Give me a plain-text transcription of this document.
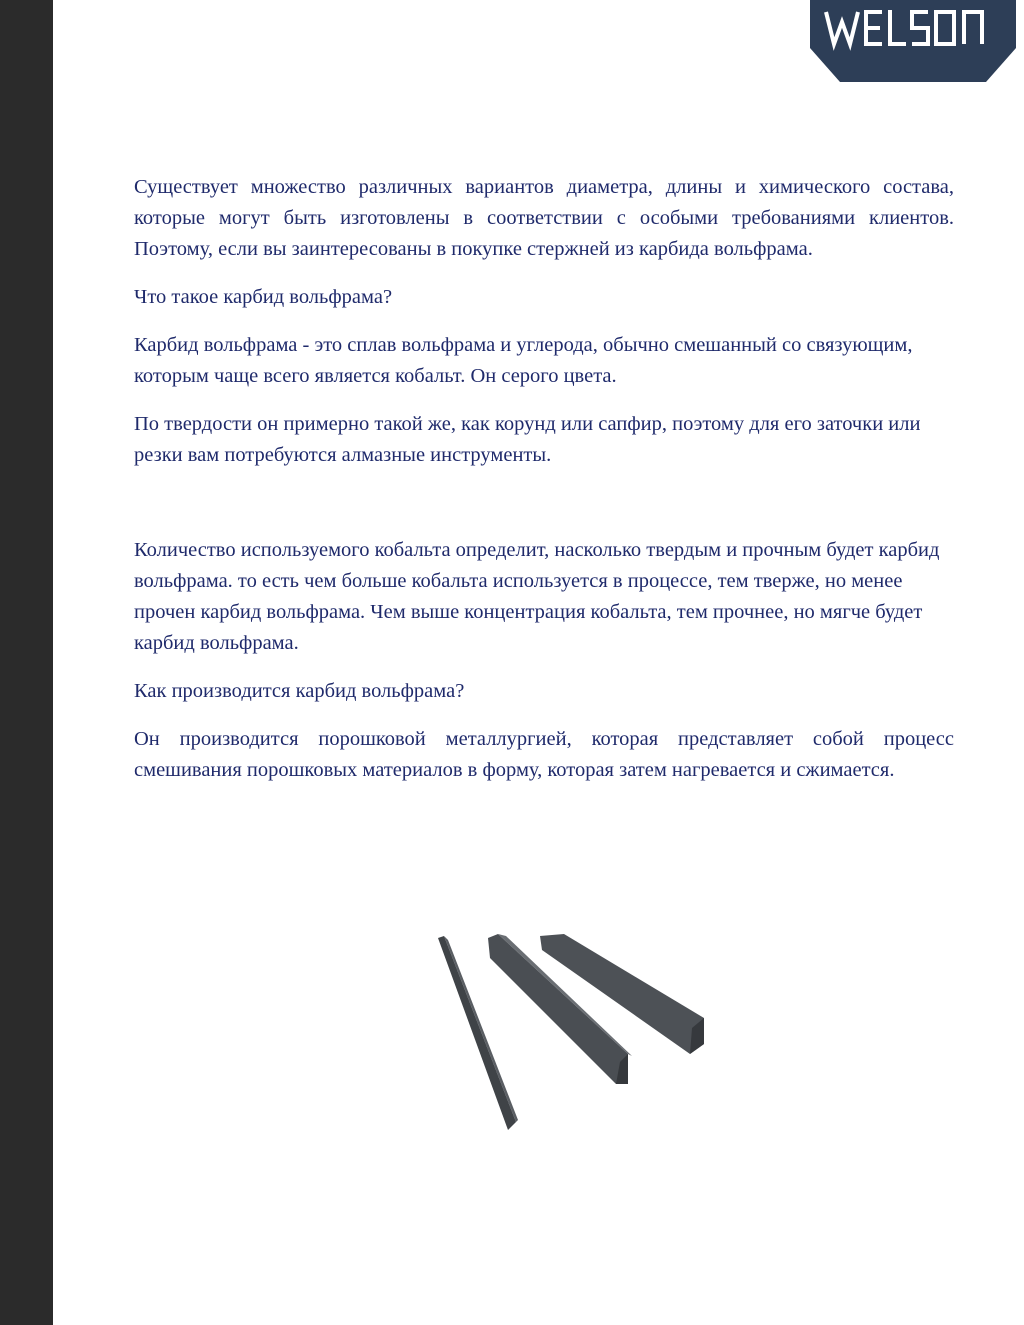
Существует множество различных вариантов диаметра, длины и химического состава, которые могут быть изготовлены в соответствии с особыми требованиями клиентов. Поэтому, если вы заинтересованы в покупке стержней из карбида вольфрама.

Что такое карбид вольфрама?

Карбид вольфрама - это сплав вольфрама и углерода, обычно смешанный со связующим, которым чаще всего является кобальт. Он серого цвета.

По твердости он примерно такой же, как корунд или сапфир, поэтому для его заточки или резки вам потребуются алмазные инструменты.

Количество используемого кобальта определит, насколько твердым и прочным будет карбид вольфрама. то есть чем больше кобальта используется в процессе, тем тверже, но менее прочен карбид вольфрама. Чем выше концентрация кобальта, тем прочнее, но мягче будет карбид вольфрама.

Как производится карбид вольфрама?

Он производится порошковой металлургией, которая представляет собой процесс смешивания порошковых материалов в форму, которая затем нагревается и сжимается.
